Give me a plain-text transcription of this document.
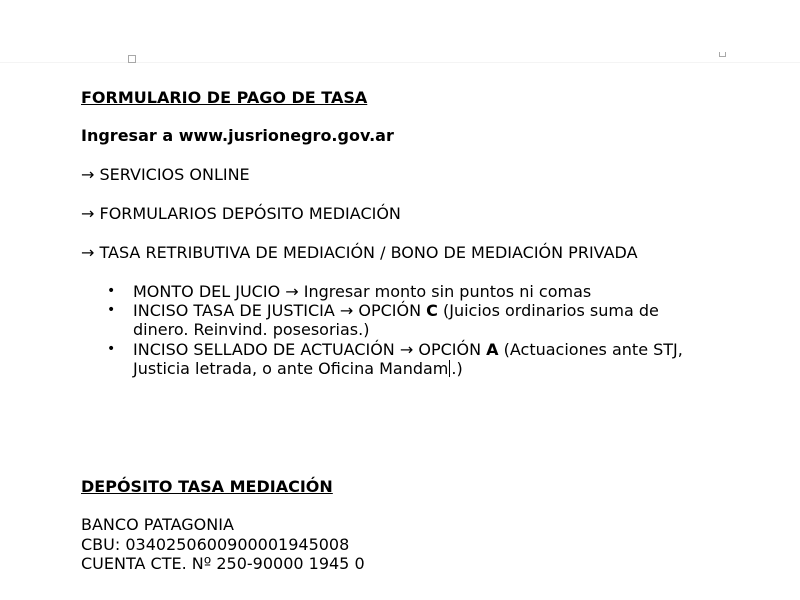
FORMULARIO DE PAGO DE TASA
Ingresar a www.jusrionegro.gov.ar
→ SERVICIOS ONLINE
→ FORMULARIOS DEPÓSITO MEDIACIÓN
→ TASA RETRIBUTIVA DE MEDIACIÓN / BONO DE MEDIACIÓN PRIVADA
•	MONTO DEL JUCIO → Ingresar monto sin puntos ni comas
•	INCISO TASA DE JUSTICIA → OPCIÓN C (Juicios ordinarios suma de
dinero. Reinvind. posesorias.)
•	INCISO SELLADO DE ACTUACIÓN → OPCIÓN A (Actuaciones ante STJ,
Justicia letrada, o ante Oficina Mandam .)
DEPÓSITO TASA MEDIACIÓN
BANCO PATAGONIA
CBU: 0340250600900001945008
CUENTA CTE. Nº 250-90000 1945 0
